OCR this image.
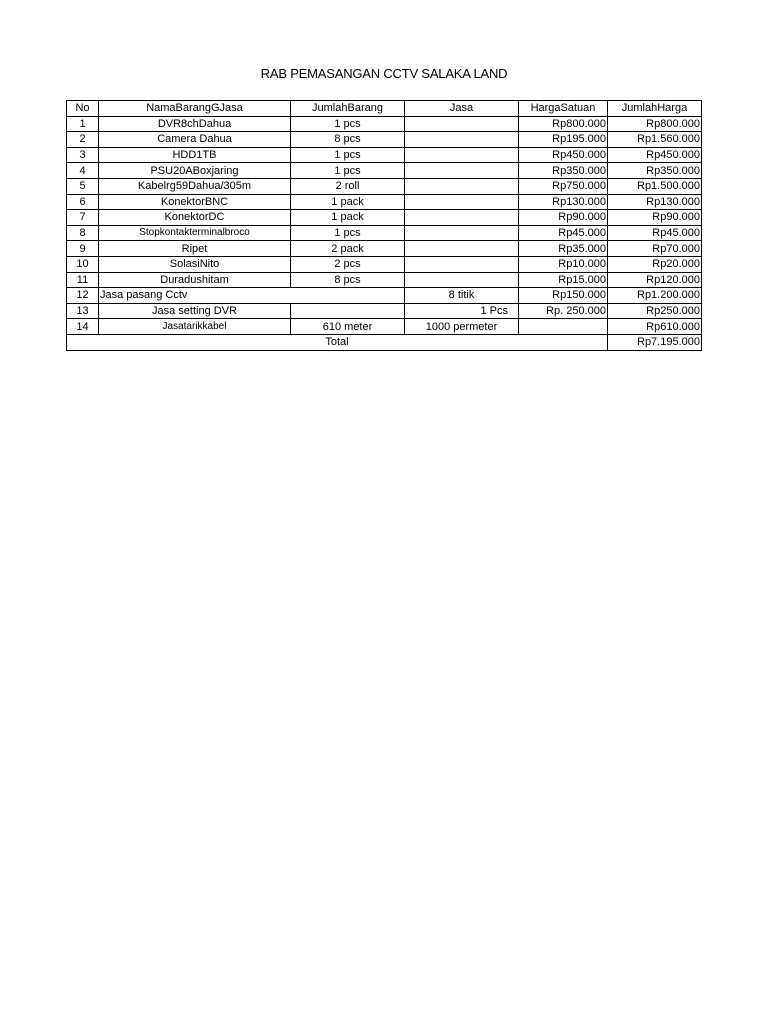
RAB PEMASANGAN CCTV SALAKA LAND
No	NamaBarangGJasa	JumlahBarang	Jasa	HargaSatuan	JumlahHarga
1	DVR8chDahua	1 pcs		Rp800.000	Rp800.000
2	Camera Dahua	8 pcs		Rp195.000	Rp1.560.000
3	HDD1TB	1 pcs		Rp450.000	Rp450.000
4	PSU20ABoxjaring	1 pcs		Rp350.000	Rp350.000
5	Kabelrg59Dahua/305m	2 roll		Rp750.000	Rp1.500.000
6	KonektorBNC	1 pack		Rp130.000	Rp130.000
7	KonektorDC	1 pack		Rp90.000	Rp90.000
8	Stopkontakterminalbroco	1 pcs		Rp45.000	Rp45.000
9	Ripet	2 pack		Rp35.000	Rp70.000
10	SolasiNito	2 pcs		Rp10.000	Rp20.000
11	Duradushitam	8 pcs		Rp15.000	Rp120.000
12	Jasa pasang Cctv		8 titik	Rp150.000	Rp1.200.000
13	Jasa setting DVR		1 Pcs	Rp. 250.000	Rp250.000
14	Jasatarikkabel	610 meter	1000 permeter		Rp610.000
Total					Rp7.195.000
